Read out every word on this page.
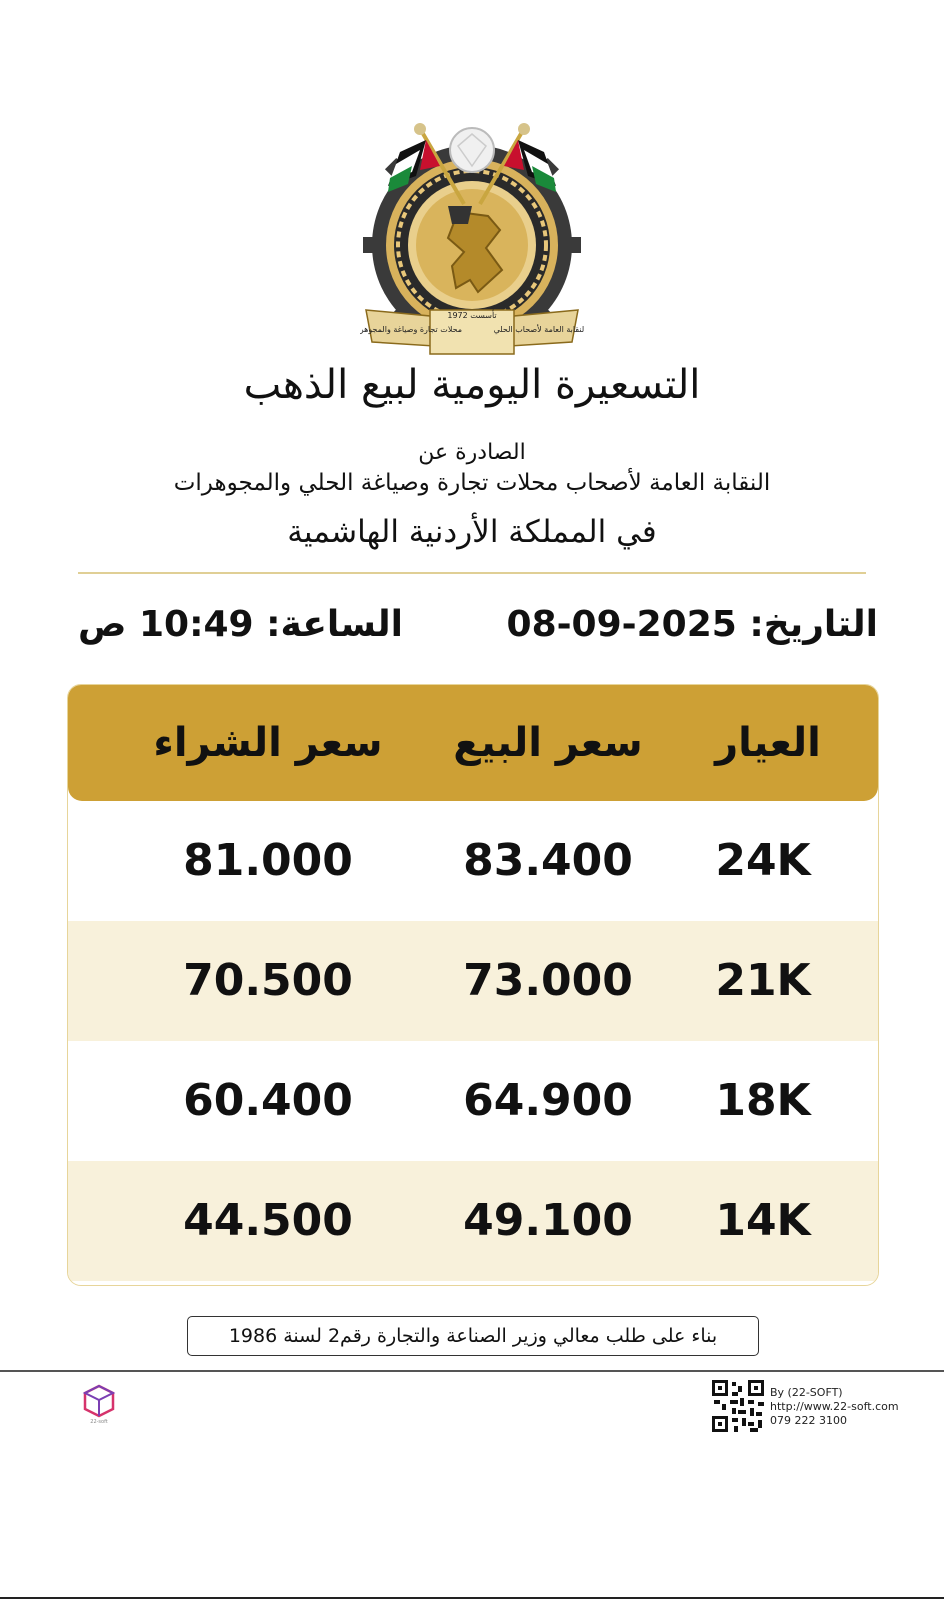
محلات تجارة وصياغة والمجوهرات	النقابة العامة لأصحاب الحلي
تأسست 1972
التسعيرة اليومية لبيع الذهب
الصادرة عن
النقابة العامة لأصحاب محلات تجارة وصياغة الحلي والمجوهرات
في المملكة الأردنية الهاشمية
التاريخ: 08-09-2025
الساعة: 10:49 ص
العيار
سعر البيع
سعر الشراء
24K
83.400
81.000
21K
73.000
70.500
18K
64.900
60.400
14K
49.100
44.500
بناء على طلب معالي وزير الصناعة والتجارة رقم2 لسنة 1986
22-soft
By (22-SOFT)
http://www.22-soft.com
079 222 3100
